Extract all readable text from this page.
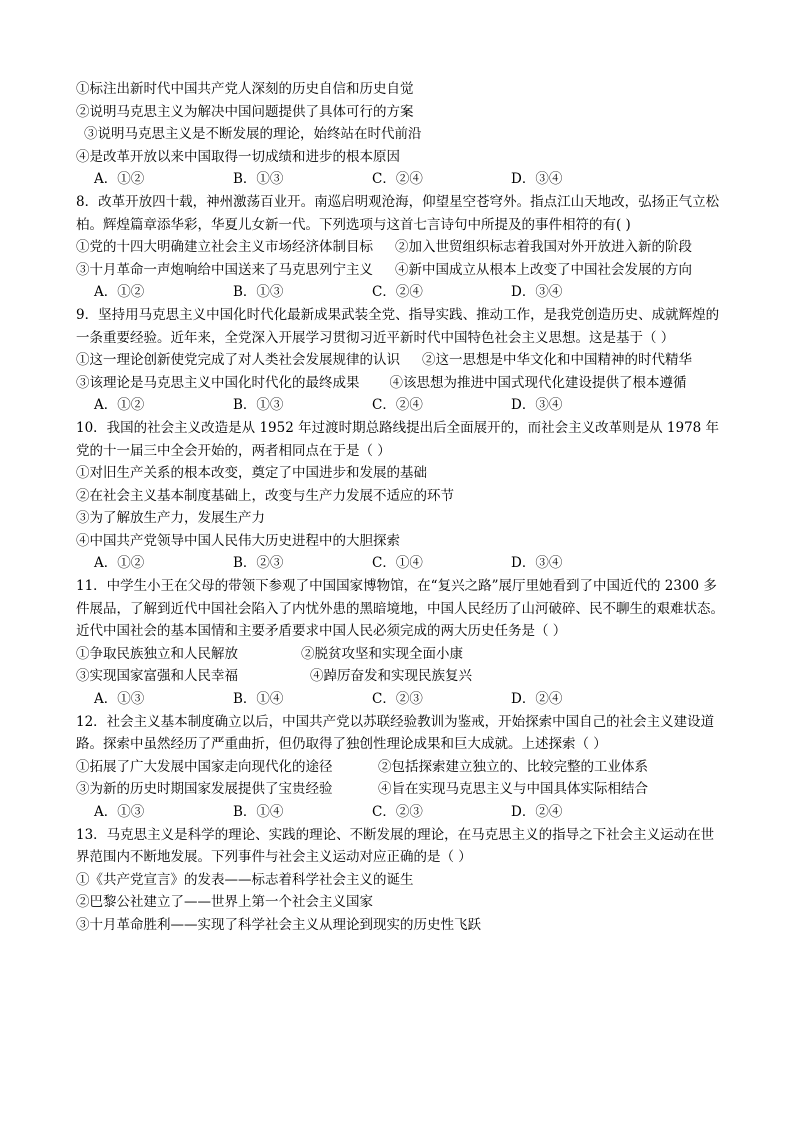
①标注出新时代中国共产党人深刻的历史自信和历史自觉
②说明马克思主义为解决中国问题提供了具体可行的方案
③说明马克思主义是不断发展的理论，始终站在时代前沿
④是改革开放以来中国取得一切成绩和进步的根本原因
A．①②	B．①③	C．②④	D．③④
8．改革开放四十载，神州激荡百业开。南巡启明观沧海，仰望星空苍穹外。指点江山天地改，弘扬正气立松柏。辉煌篇章添华彩，华夏儿女新一代。下列选项与这首七言诗句中所提及的事件相符的有( )
①党的十四大明确建立社会主义市场经济体制目标 ②加入世贸组织标志着我国对外开放进入新的阶段
③十月革命一声炮响给中国送来了马克思列宁主义 ④新中国成立从根本上改变了中国社会发展的方向
A．①②	B．①③	C．②④	D．③④
9．坚持用马克思主义中国化时代化最新成果武装全党、指导实践、推动工作，是我党创造历史、成就辉煌的一条重要经验。近年来，全党深入开展学习贯彻习近平新时代中国特色社会主义思想。这是基于（ ）
①这一理论创新使党完成了对人类社会发展规律的认识 ②这一思想是中华文化和中国精神的时代精华
③该理论是马克思主义中国化时代化的最终成果 ④该思想为推进中国式现代化建设提供了根本遵循
A．①②	B．①③	C．②④	D．③④
10．我国的社会主义改造是从 1952 年过渡时期总路线提出后全面展开的，而社会主义改革则是从 1978 年党的十一届三中全会开始的，两者相同点在于是（ ）
①对旧生产关系的根本改变，奠定了中国进步和发展的基础
②在社会主义基本制度基础上，改变与生产力发展不适应的环节
③为了解放生产力，发展生产力
④中国共产党领导中国人民伟大历史进程中的大胆探索
A．①②	B．②③	C．①④	D．③④
11．中学生小王在父母的带领下参观了中国国家博物馆，在“复兴之路”展厅里她看到了中国近代的 2300 多件展品，了解到近代中国社会陷入了内忧外患的黑暗境地，中国人民经历了山河破碎、民不聊生的艰难状态。近代中国社会的基本国情和主要矛盾要求中国人民必须完成的两大历史任务是（ ）
①争取民族独立和人民解放	②脱贫攻坚和实现全面小康
③实现国家富强和人民幸福	④踔厉奋发和实现民族复兴
A．①③	B．①④	C．②③	D．②④
12．社会主义基本制度确立以后，中国共产党以苏联经验教训为鉴戒，开始探索中国自己的社会主义建设道路。探索中虽然经历了严重曲折，但仍取得了独创性理论成果和巨大成就。上述探索（ ）
①拓展了广大发展中国家走向现代化的途径	②包括探索建立独立的、比较完整的工业体系
③为新的历史时期国家发展提供了宝贵经验	④旨在实现马克思主义与中国具体实际相结合
A．①③	B．①④	C．②③	D．②④
13．马克思主义是科学的理论、实践的理论、不断发展的理论，在马克思主义的指导之下社会主义运动在世界范围内不断地发展。下列事件与社会主义运动对应正确的是（ ）
①《共产党宣言》的发表——标志着科学社会主义的诞生
②巴黎公社建立了——世界上第一个社会主义国家
③十月革命胜利——实现了科学社会主义从理论到现实的历史性飞跃
